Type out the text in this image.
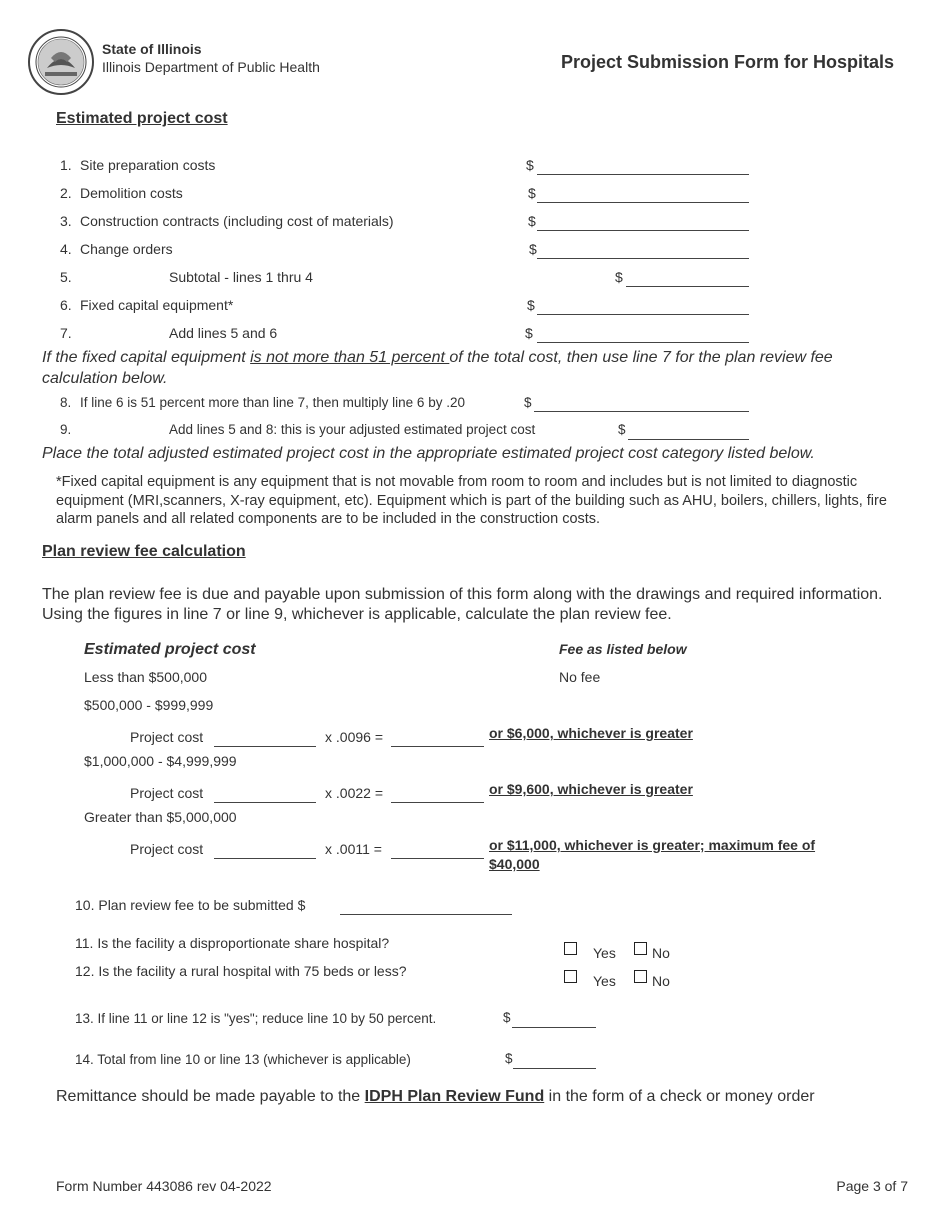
State of Illinois
Illinois Department of Public Health	Project Submission Form for Hospitals
Estimated project cost
1. Site preparation costs	$
2. Demolition costs	$
3. Construction contracts (including cost of materials)	$
4. Change orders	$
5.	Subtotal - lines 1 thru 4	$
6. Fixed capital equipment*	$
7.	Add lines 5 and 6	$
If the fixed capital equipment is not more than 51 percent of the total cost, then use line 7 for the plan review fee calculation below.
8. If line 6 is 51 percent more than line 7, then multiply line 6 by .20	$
9.	Add lines 5 and 8: this is your adjusted estimated project cost	$
Place the total adjusted estimated project cost in the appropriate estimated project cost category listed below.
*Fixed capital equipment is any equipment that is not movable from room to room and includes but is not limited to diagnostic equipment (MRI,scanners, X-ray equipment, etc). Equipment which is part of the building such as AHU, boilers, chillers, lights, fire alarm panels and all related components are to be included in the construction costs.
Plan review fee calculation
The plan review fee is due and payable upon submission of this form along with the drawings and required information. Using the figures in line 7 or line 9, whichever is applicable, calculate the plan review fee.
Estimated project cost	Fee as listed below
Less than $500,000	No fee
$500,000 - $999,999
Project cost	x .0096 =	or $6,000, whichever is greater
$1,000,000 - $4,999,999
Project cost	x .0022 =	or $9,600, whichever is greater
Greater than $5,000,000
Project cost	x .0011 =	or $11,000, whichever is greater; maximum fee of
$40,000
10. Plan review fee to be submitted $
11. Is the facility a disproportionate share hospital?
Yes	No
12. Is the facility a rural hospital with 75 beds or less?
Yes	No
13. If line 11 or line 12 is "yes"; reduce line 10 by 50 percent.	$
14. Total from line 10 or line 13 (whichever is applicable)	$
Remittance should be made payable to the IDPH Plan Review Fund in the form of a check or money order
Form Number 443086 rev 04-2022	Page 3 of 7
